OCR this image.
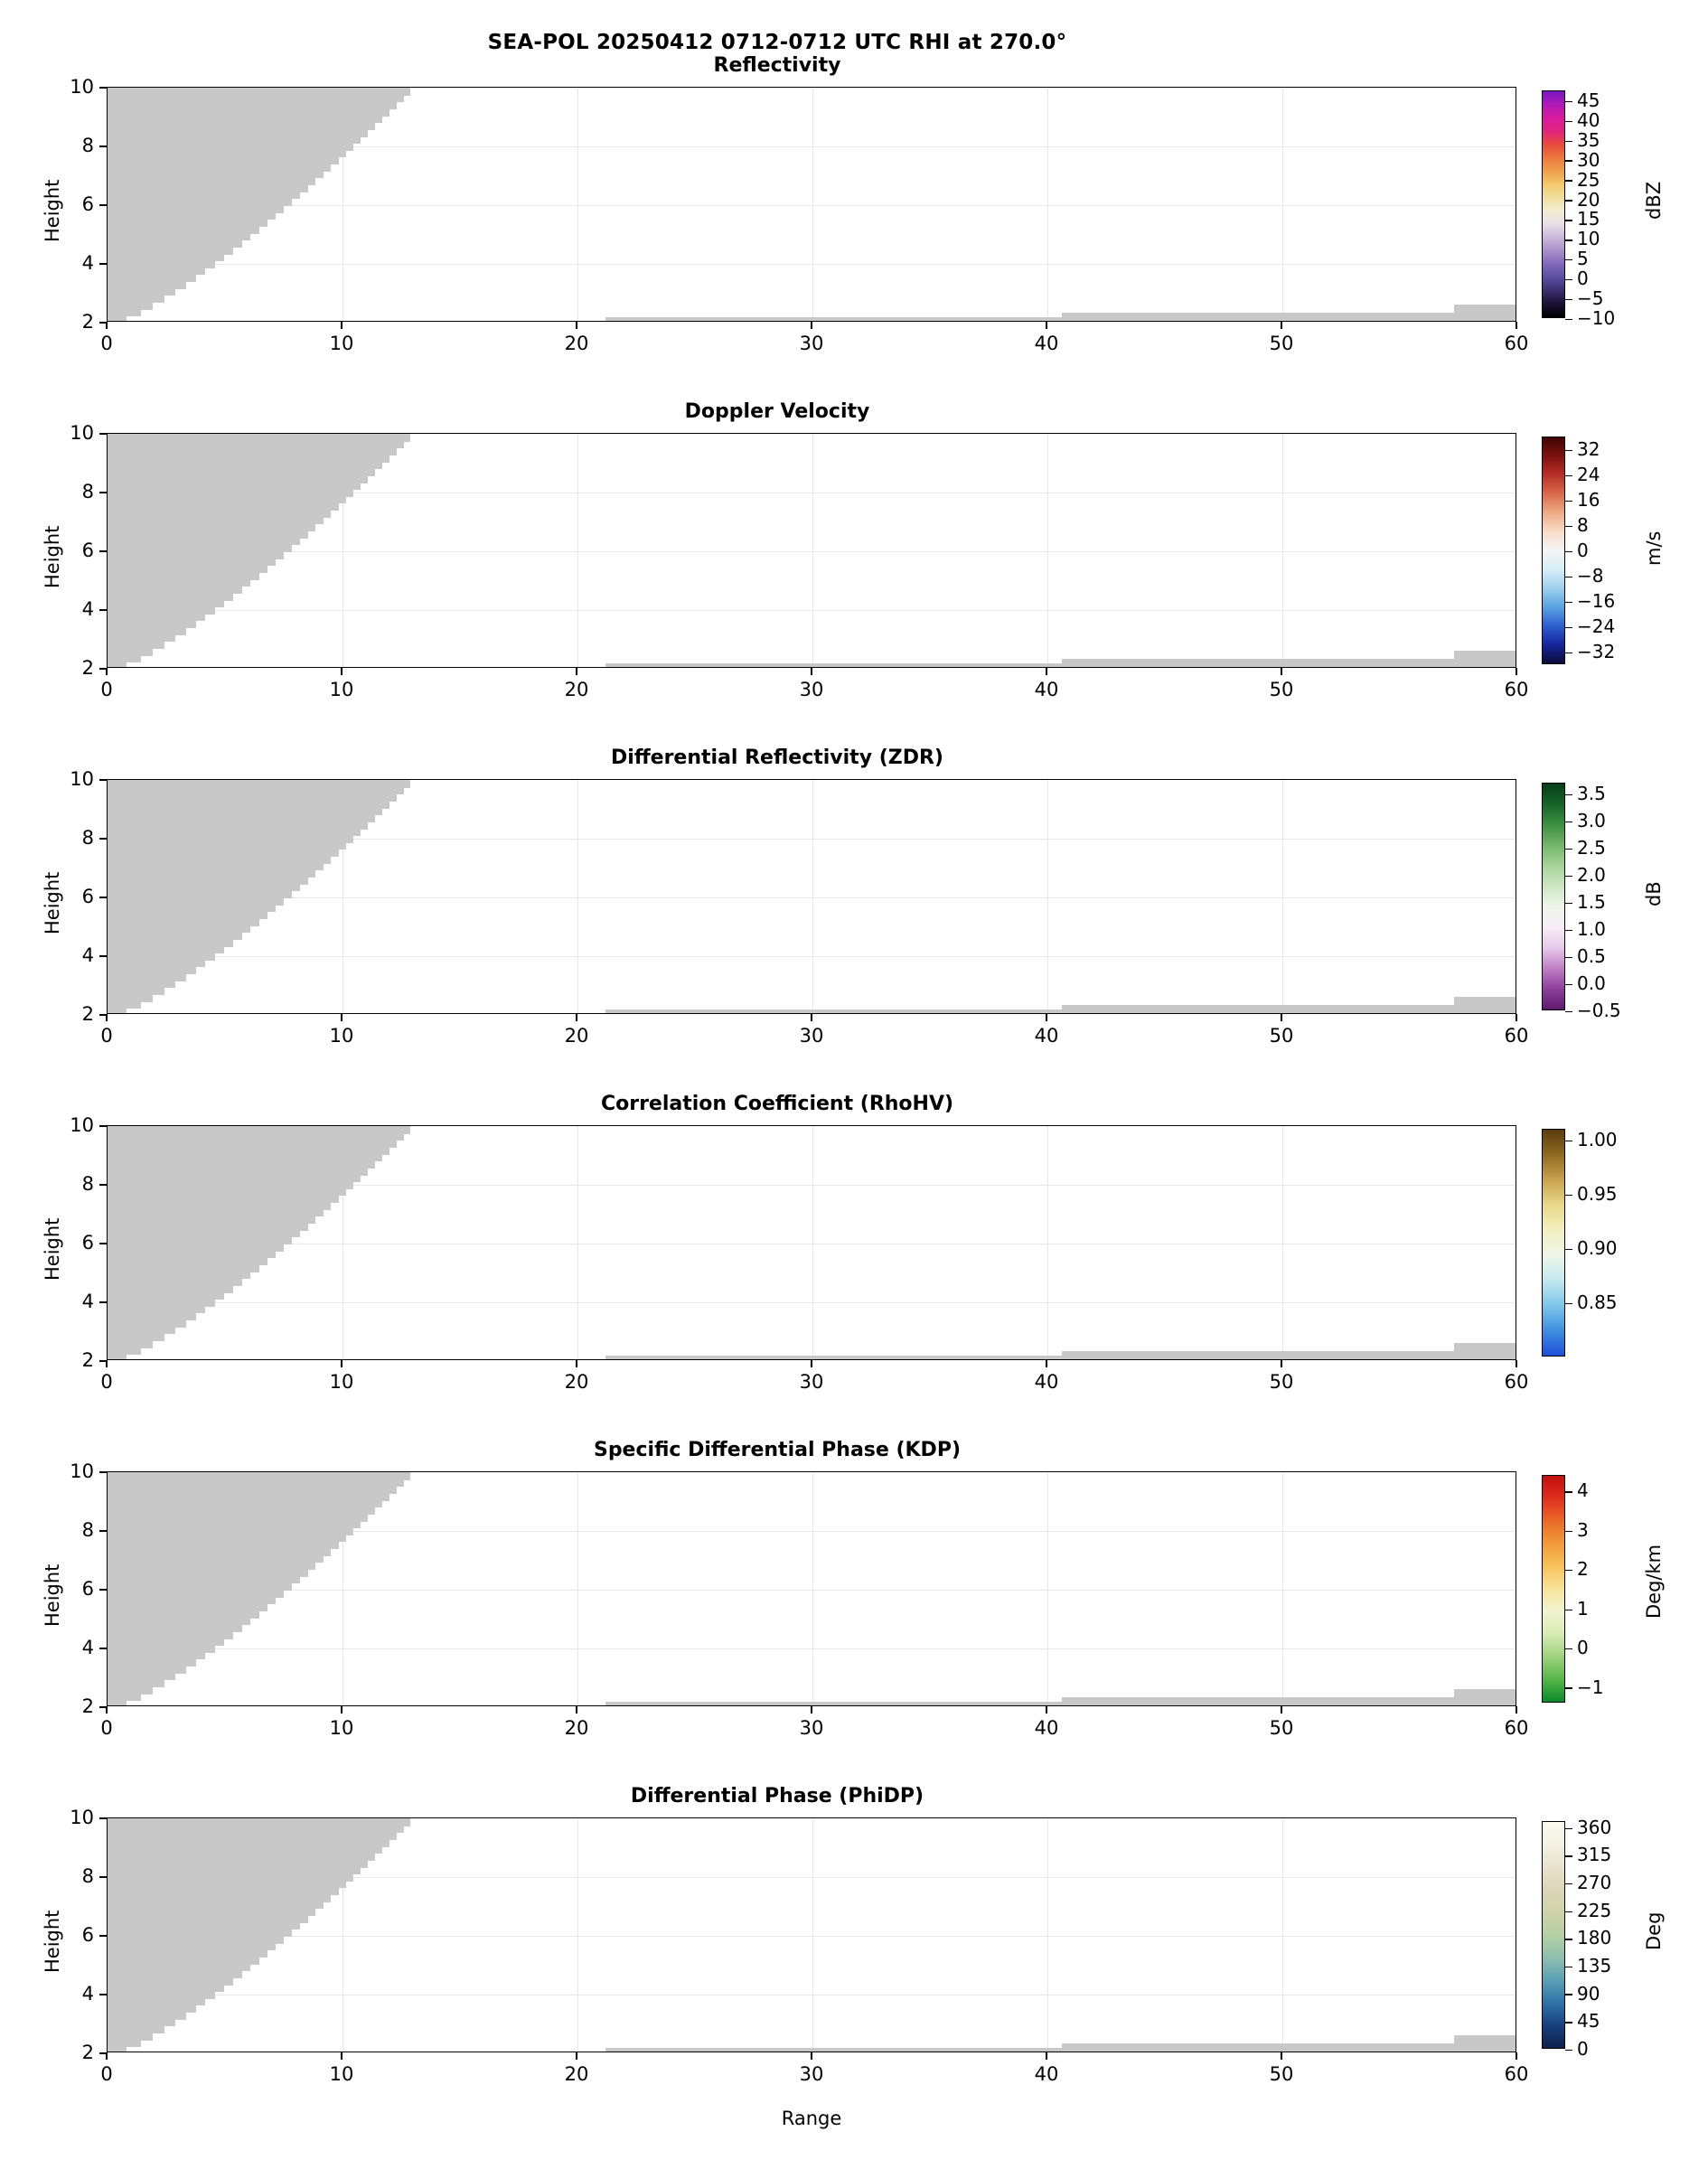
SEA-POL 20250412 0712-0712 UTC RHI at 270.0°
Reflectivity
2
4
6
8
10
0	10	20	30	40	50	60
Height
−10
−5
0
5
10
15
20
25
30
35
40
45
dBZ
Doppler Velocity
2
4
6
8
10
0	10	20	30	40	50	60
Height
−32
−24
−16
−8
0
8
16
24
32
m/s
Differential Reflectivity (ZDR)
2
4
6
8
10
0	10	20	30	40	50	60
Height
−0.5
0.0
0.5
1.0
1.5
2.0
2.5
3.0
3.5
dB
Correlation Coefficient (RhoHV)
2
4
6
8
10
0	10	20	30	40	50	60
Height
0.85
0.90
0.95
1.00
Specific Differential Phase (KDP)
2
4
6
8
10
0	10	20	30	40	50	60
Height
−1
0
1
2
3
4
Deg/km
Differential Phase (PhiDP)
2
4
6
8
10
0	10	20	30	40	50	60
Height
0
45
90
135
180
225
270
315
360
Deg
Range
